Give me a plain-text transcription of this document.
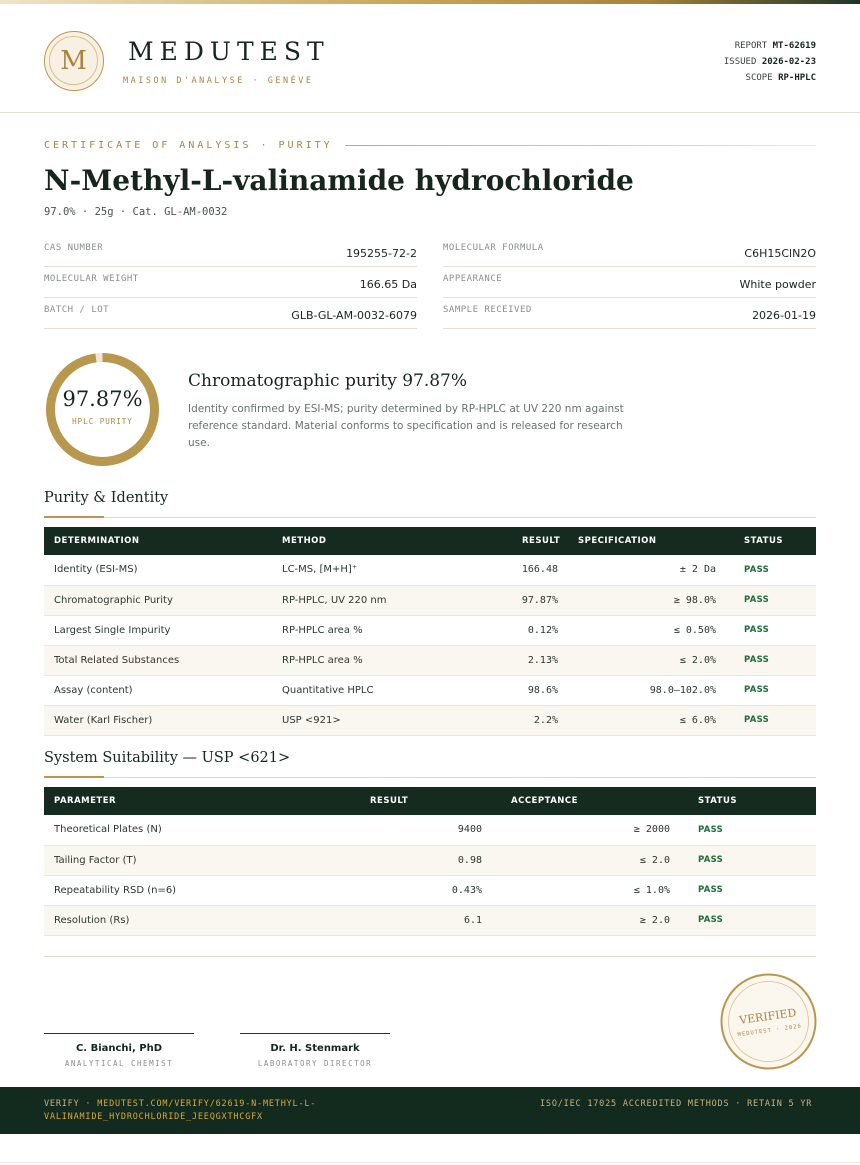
M	MEDUTEST
MAISON D'ANALYSE · GENÈVE
REPORT MT-62619
ISSUED 2026-02-23
SCOPE RP-HPLC
CERTIFICATE OF ANALYSIS · PURITY
N-Methyl-L-valinamide hydrochloride
97.0% · 25g · Cat. GL-AM-0032
CAS NUMBER	195255-72-2
MOLECULAR WEIGHT	166.65 Da
BATCH / LOT	GLB-GL-AM-0032-6079
MOLECULAR FORMULA	C6H15ClN2O
APPEARANCE	White powder
SAMPLE RECEIVED	2026-01-19
97.87%
HPLC PURITY
Chromatographic purity 97.87%
Identity confirmed by ESI-MS; purity determined by RP-HPLC at UV 220 nm against reference standard. Material conforms to specification and is released for research use.
Purity & Identity
DETERMINATION	METHOD	RESULT	SPECIFICATION	STATUS
Identity (ESI-MS)	LC-MS, [M+H]⁺	166.48	± 2 Da	PASS
Chromatographic Purity	RP-HPLC, UV 220 nm	97.87%	≥ 98.0%	PASS
Largest Single Impurity	RP-HPLC area %	0.12%	≤ 0.50%	PASS
Total Related Substances	RP-HPLC area %	2.13%	≤ 2.0%	PASS
Assay (content)	Quantitative HPLC	98.6%	98.0–102.0%	PASS
Water (Karl Fischer)	USP <921>	2.2%	≤ 6.0%	PASS
System Suitability — USP <621>
PARAMETER	RESULT	ACCEPTANCE	STATUS
Theoretical Plates (N)	9400	≥ 2000	PASS
Tailing Factor (T)	0.98	≤ 2.0	PASS
Repeatability RSD (n=6)	0.43%	≤ 1.0%	PASS
Resolution (Rs)	6.1	≥ 2.0	PASS
C. Bianchi, PhD
ANALYTICAL CHEMIST
Dr. H. Stenmark
LABORATORY DIRECTOR
VERIFIED
MEDUTEST · 2026
VERIFY · MEDUTEST.COM/VERIFY/62619-N-METHYL-L-VALINAMIDE_HYDROCHLORIDE_JEEQGXTHCGFX
ISO/IEC 17025 ACCREDITED METHODS · RETAIN 5 YR
